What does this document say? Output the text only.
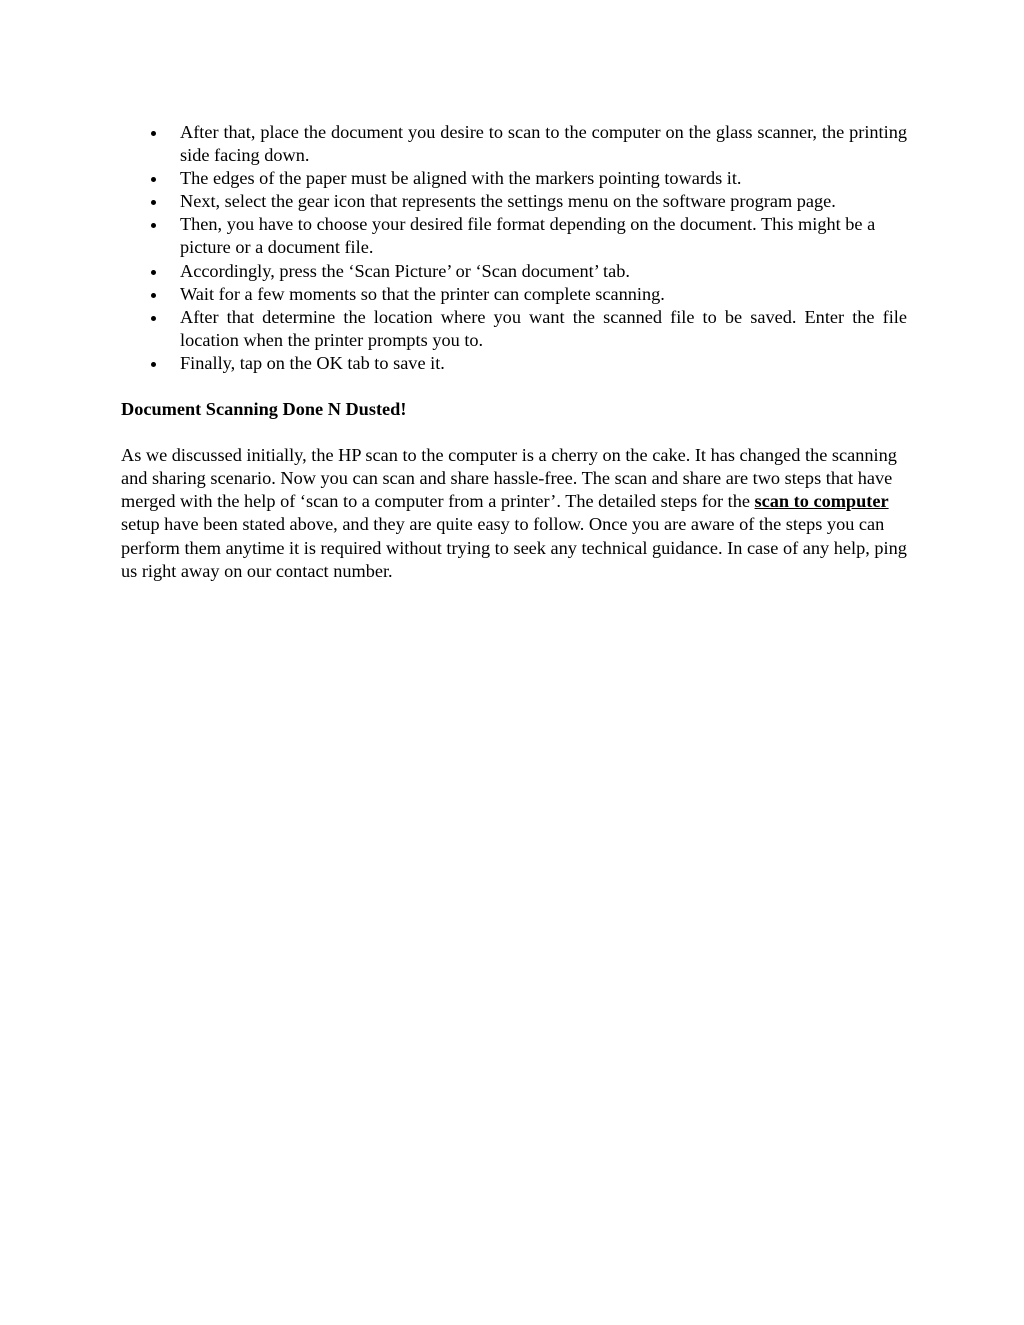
After that, place the document you desire to scan to the computer on the glass scanner, the printing side facing down.
The edges of the paper must be aligned with the markers pointing towards it.
Next, select the gear icon that represents the settings menu on the software program page.
Then, you have to choose your desired file format depending on the document. This might be a picture or a document file.
Accordingly, press the ‘Scan Picture’ or ‘Scan document’ tab.
Wait for a few moments so that the printer can complete scanning.
After that determine the location where you want the scanned file to be saved. Enter the file location when the printer prompts you to.
Finally, tap on the OK tab to save it.

Document Scanning Done N Dusted!

As we discussed initially, the HP scan to the computer is a cherry on the cake. It has changed the scanning and sharing scenario. Now you can scan and share hassle-free. The scan and share are two steps that have merged with the help of ‘scan to a computer from a printer’. The detailed steps for the scan to computer setup have been stated above, and they are quite easy to follow. Once you are aware of the steps you can perform them anytime it is required without trying to seek any technical guidance. In case of any help, ping us right away on our contact number.
